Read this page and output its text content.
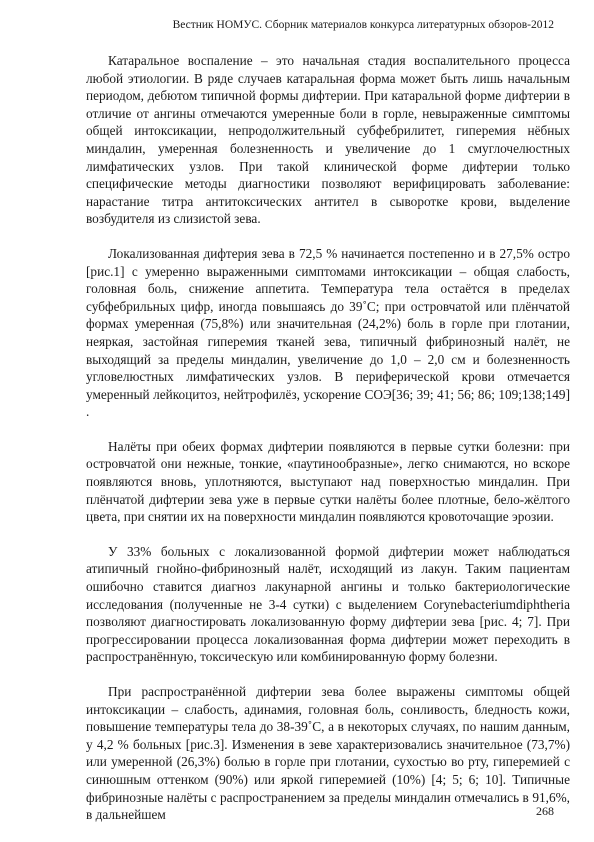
Вестник НОМУС. Сборник материалов конкурса литературных обзоров-2012

Катаральное воспаление – это начальная стадия воспалительного процесса любой этиологии. В ряде случаев катаральная форма может быть лишь начальным периодом, дебютом типичной формы дифтерии. При катаральной форме дифтерии в отличие от ангины отмечаются умеренные боли в горле, невыраженные симптомы общей интоксикации, непродолжительный субфебрилитет, гиперемия нёбных миндалин, умеренная болезненность и увеличение до 1 смуглочелюстных лимфатических узлов. При такой клинической форме дифтерии только специфические методы диагностики позволяют верифицировать заболевание: нарастание титра антитоксических антител в сыворотке крови, выделение возбудителя из слизистой зева.

Локализованная дифтерия зева в 72,5 % начинается постепенно и в 27,5% остро [рис.1] с умеренно выраженными симптомами интоксикации – общая слабость, головная боль, снижение аппетита. Температура тела остаётся в пределах субфебрильных цифр, иногда повышаясь до 39˚С; при островчатой или плёнчатой формах умеренная (75,8%) или значительная (24,2%) боль в горле при глотании, неяркая, застойная гиперемия тканей зева, типичный фибринозный налёт, не выходящий за пределы миндалин, увеличение до 1,0 – 2,0 см и болезненность угловелюстных лимфатических узлов. В периферической крови отмечается умеренный лейкоцитоз, нейтрофилёз, ускорение СОЭ[36; 39; 41; 56; 86; 109;138;149] .

Налёты при обеих формах дифтерии появляются в первые сутки болезни: при островчатой они нежные, тонкие, «паутинообразные», легко снимаются, но вскоре появляются вновь, уплотняются, выступают над поверхностью миндалин. При плёнчатой дифтерии зева уже в первые сутки налёты более плотные, бело-жёлтого цвета, при снятии их на поверхности миндалин появляются кровоточащие эрозии.

У 33% больных с локализованной формой дифтерии может наблюдаться атипичный гнойно-фибринозный налёт, исходящий из лакун. Таким пациентам ошибочно ставится диагноз лакунарной ангины и только бактериологические исследования (полученные не 3-4 сутки) с выделением Corynebacteriumdiphtheria позволяют диагностировать локализованную форму дифтерии зева [рис. 4; 7]. При прогрессировании процесса локализованная форма дифтерии может переходить в распространённую, токсическую или комбинированную форму болезни.

При распространённой дифтерии зева более выражены симптомы общей интоксикации – слабость, адинамия, головная боль, сонливость, бледность кожи, повышение температуры тела до 38-39˚С, а в некоторых случаях, по нашим данным, у 4,2 % больных [рис.3]. Изменения в зеве характеризовались значительное (73,7%) или умеренной (26,3%) болью в горле при глотании, сухостью во рту, гиперемией с синюшным оттенком (90%) или яркой гиперемией (10%) [4; 5; 6; 10]. Типичные фибринозные налёты с распространением за пределы миндалин отмечались в 91,6%, в дальнейшем	268
